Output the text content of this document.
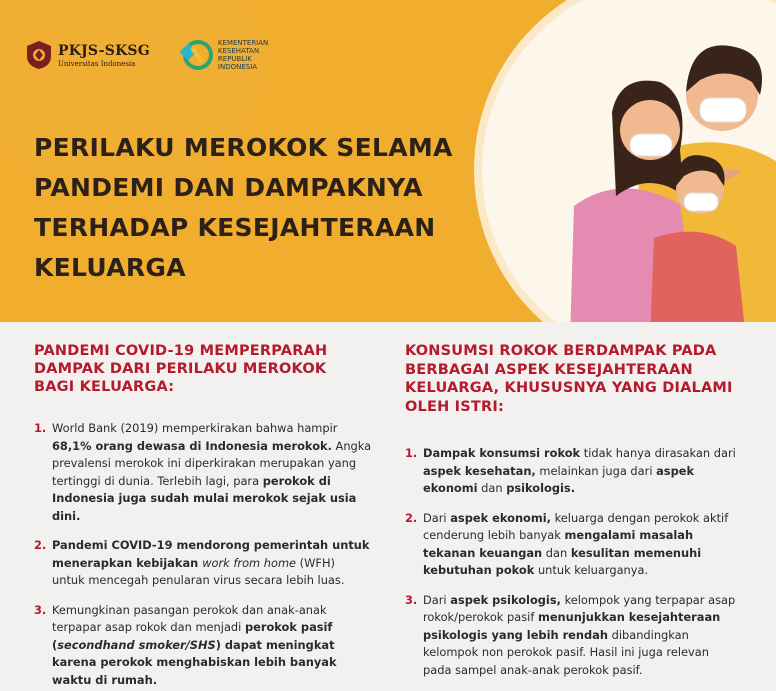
PKJS-SKSG
Universitas Indonesia
KEMENTERIAN
KESEHATAN
REPUBLIK
INDONESIA
PERILAKU MEROKOK SELAMA
PANDEMI DAN DAMPAKNYA
TERHADAP KESEJAHTERAAN
KELUARGA
PANDEMI COVID-19 MEMPERPARAH
DAMPAK DARI PERILAKU MEROKOK
BAGI KELUARGA:
1. World Bank (2019) memperkirakan bahwa hampir
68,1% orang dewasa di Indonesia merokok. Angka
prevalensi merokok ini diperkirakan merupakan yang
tertinggi di dunia. Terlebih lagi, para perokok di
Indonesia juga sudah mulai merokok sejak usia
dini.
2. Pandemi COVID-19 mendorong pemerintah untuk
menerapkan kebijakan work from home (WFH)
untuk mencegah penularan virus secara lebih luas.
3. Kemungkinan pasangan perokok dan anak-anak
terpapar asap rokok dan menjadi perokok pasif
(secondhand smoker/SHS) dapat meningkat
karena perokok menghabiskan lebih banyak
waktu di rumah.
KONSUMSI ROKOK BERDAMPAK PADA
BERBAGAI ASPEK KESEJAHTERAAN
KELUARGA, KHUSUSNYA YANG DIALAMI
OLEH ISTRI:
1. Dampak konsumsi rokok tidak hanya dirasakan dari
aspek kesehatan, melainkan juga dari aspek
ekonomi dan psikologis.
2. Dari aspek ekonomi, keluarga dengan perokok aktif
cenderung lebih banyak mengalami masalah
tekanan keuangan dan kesulitan memenuhi
kebutuhan pokok untuk keluarganya.
3. Dari aspek psikologis, kelompok yang terpapar asap
rokok/perokok pasif menunjukkan kesejahteraan
psikologis yang lebih rendah dibandingkan
kelompok non perokok pasif. Hasil ini juga relevan
pada sampel anak-anak perokok pasif.
